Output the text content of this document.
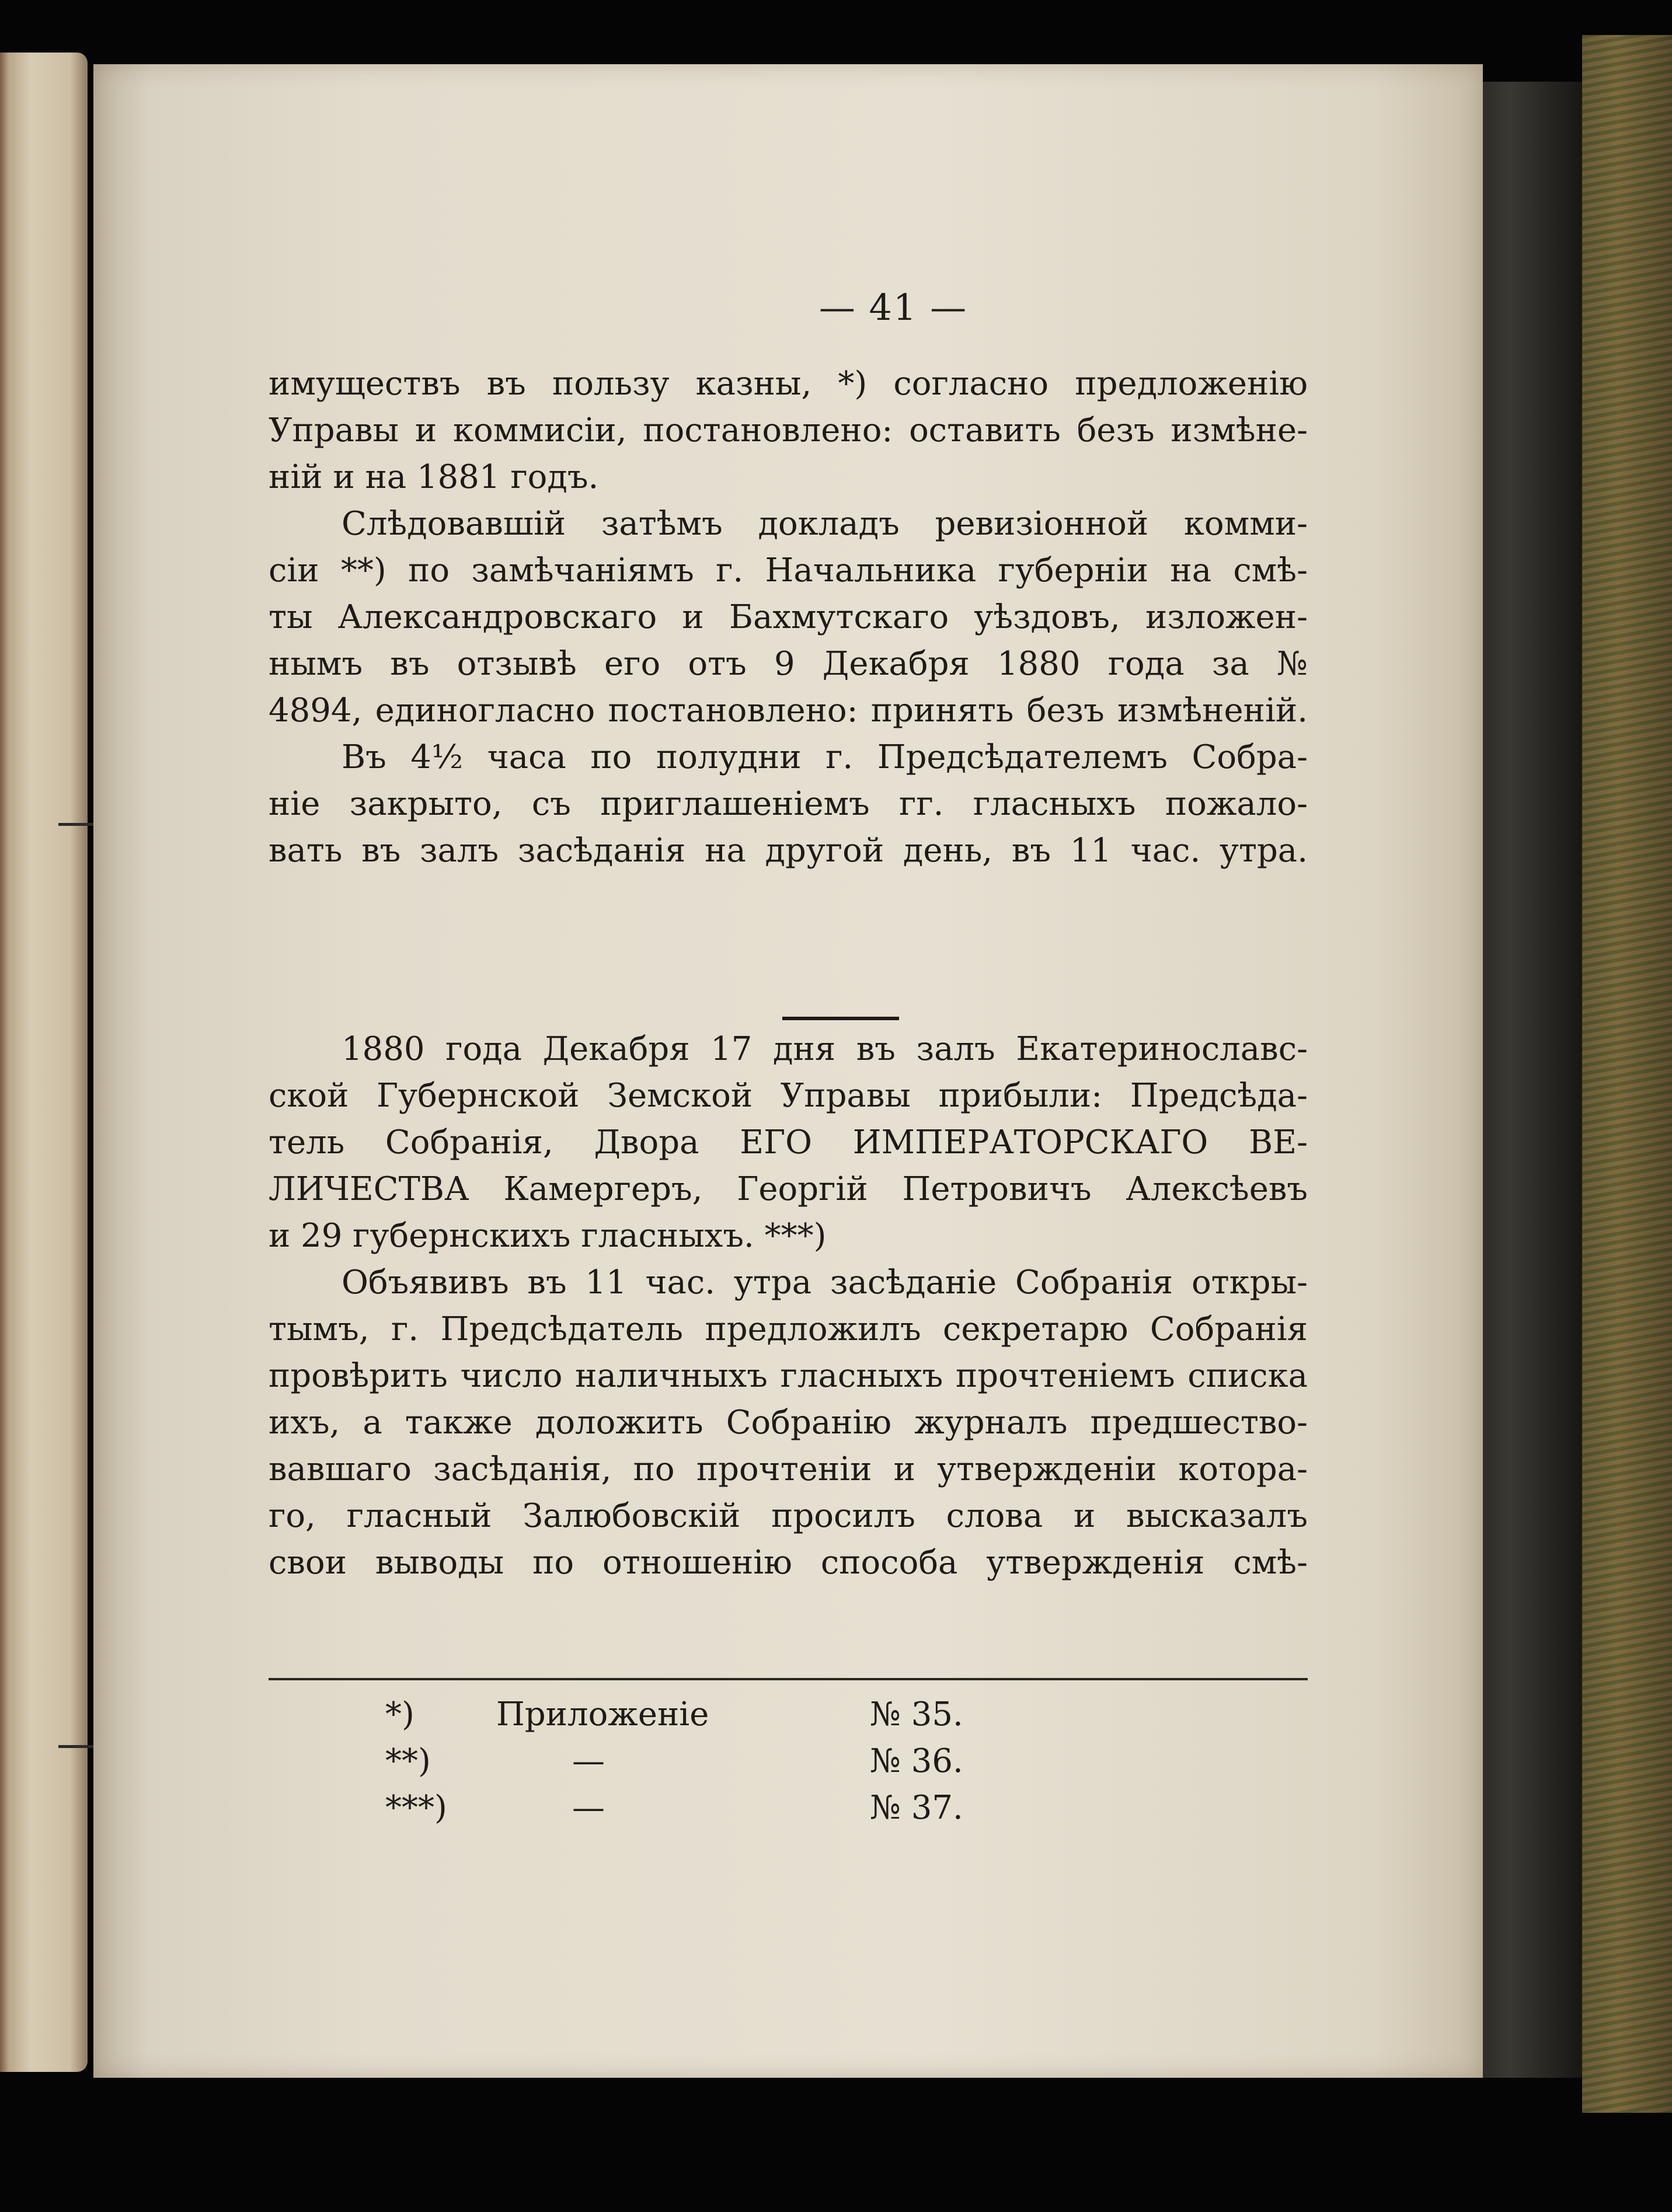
— 41 —
имуществъ въ пользу казны, *) согласно предложенію
Управы и коммисіи, постановлено: оставить безъ измѣне-
ній и на 1881 годъ.
Слѣдовавшій затѣмъ докладъ ревизіонной комми-
сіи **) по замѣчаніямъ г. Начальника губерніи на смѣ-
ты Александровскаго и Бахмутскаго уѣздовъ, изложен-
нымъ въ отзывѣ его отъ 9 Декабря 1880 года за №
4894, единогласно постановлено: принять безъ измѣненій.
Въ 4½ часа по полудни г. Предсѣдателемъ Собра-
ніе закрыто, съ приглашеніемъ гг. гласныхъ пожало-
вать въ залъ засѣданія на другой день, въ 11 час. утра.
1880 года Декабря 17 дня въ залъ Екатеринославс-
ской Губернской Земской Управы прибыли: Предсѣда-
тель Собранія, Двора ЕГО ИМПЕРАТОРСКАГО ВЕ-
ЛИЧЕСТВА Камергеръ, Георгій Петровичъ Алексѣевъ
и 29 губернскихъ гласныхъ. ***)
Объявивъ въ 11 час. утра засѣданіе Собранія откры-
тымъ, г. Предсѣдатель предложилъ секретарю Собранія
провѣрить число наличныхъ гласныхъ прочтеніемъ списка
ихъ, а также доложить Собранію журналъ предшество-
вавшаго засѣданія, по прочтеніи и утвержденіи котора-
го, гласный Залюбовскій просилъ слова и высказалъ
свои выводы по отношенію способа утвержденія смѣ-
*)	Приложеніе	№ 35.
**)	—	№ 36.
***)	—	№ 37.
